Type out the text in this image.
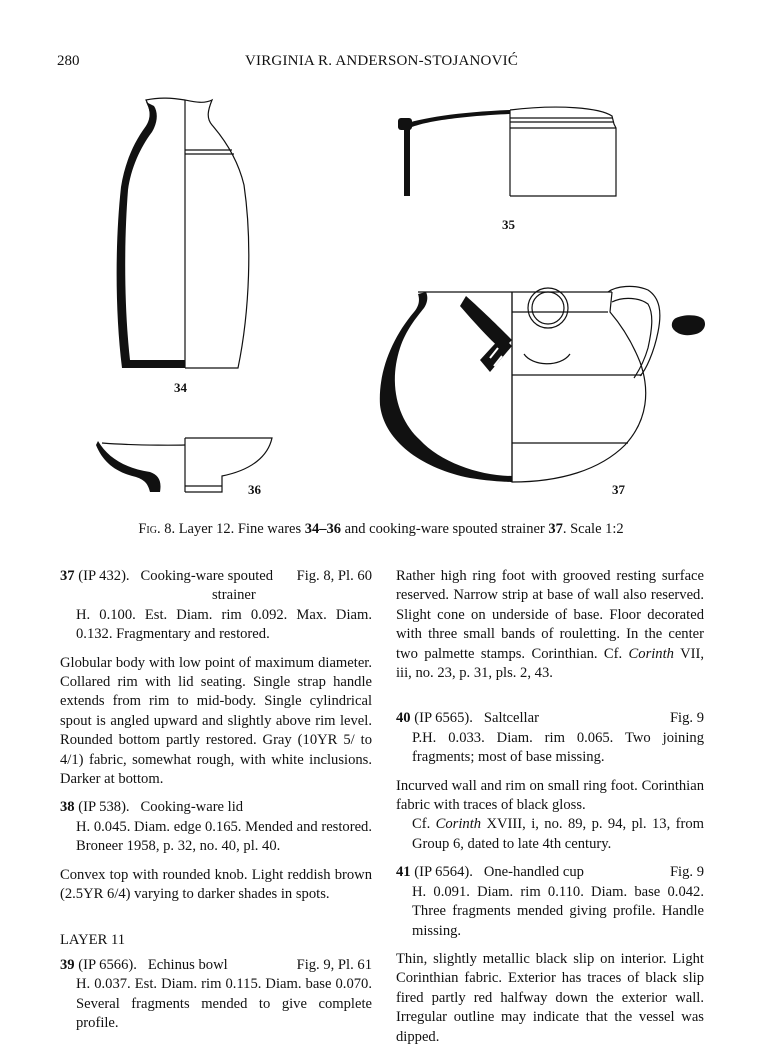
280	VIRGINIA R. ANDERSON-STOJANOVIĆ
34
35
36	37
Fig. 8. Layer 12. Fine wares 34–36 and cooking-ware spouted strainer 37. Scale 1:2
37 (IP 432). Cooking-ware spouted Fig. 8, Pl. 60
strainer
H. 0.100. Est. Diam. rim 0.092. Max. Diam. 0.132. Fragmentary and restored.
Globular body with low point of maximum diameter. Collared rim with lid seating. Single strap handle extends from rim to mid-body. Single cylindrical spout is angled upward and slightly above rim level. Rounded bottom partly restored. Gray (10YR 5/ to 4/1) fabric, somewhat rough, with white inclusions. Darker at bottom.
38 (IP 538). Cooking-ware lid
H. 0.045. Diam. edge 0.165. Mended and restored. Broneer 1958, p. 32, no. 40, pl. 40.
Convex top with rounded knob. Light reddish brown (2.5YR 6/4) varying to darker shades in spots.
LAYER 11
39 (IP 6566). Echinus bowl	Fig. 9, Pl. 61
H. 0.037. Est. Diam. rim 0.115. Diam. base 0.070. Several fragments mended to give complete profile.
Rather high ring foot with grooved resting surface reserved. Narrow strip at base of wall also reserved. Slight cone on underside of base. Floor decorated with three small bands of rouletting. In the center two palmette stamps. Corinthian. Cf. Corinth VII, iii, no. 23, p. 31, pls. 2, 43.
40 (IP 6565). Saltcellar	Fig. 9
P.H. 0.033. Diam. rim 0.065. Two joining fragments; most of base missing.
Incurved wall and rim on small ring foot. Corinthian fabric with traces of black gloss.
Cf. Corinth XVIII, i, no. 89, p. 94, pl. 13, from Group 6, dated to late 4th century.
41 (IP 6564). One-handled cup	Fig. 9
H. 0.091. Diam. rim 0.110. Diam. base 0.042. Three fragments mended giving profile. Handle missing.
Thin, slightly metallic black slip on interior. Light Corinthian fabric. Exterior has traces of black slip fired partly red halfway down the exterior wall. Irregular outline may indicate that the vessel was dipped.
